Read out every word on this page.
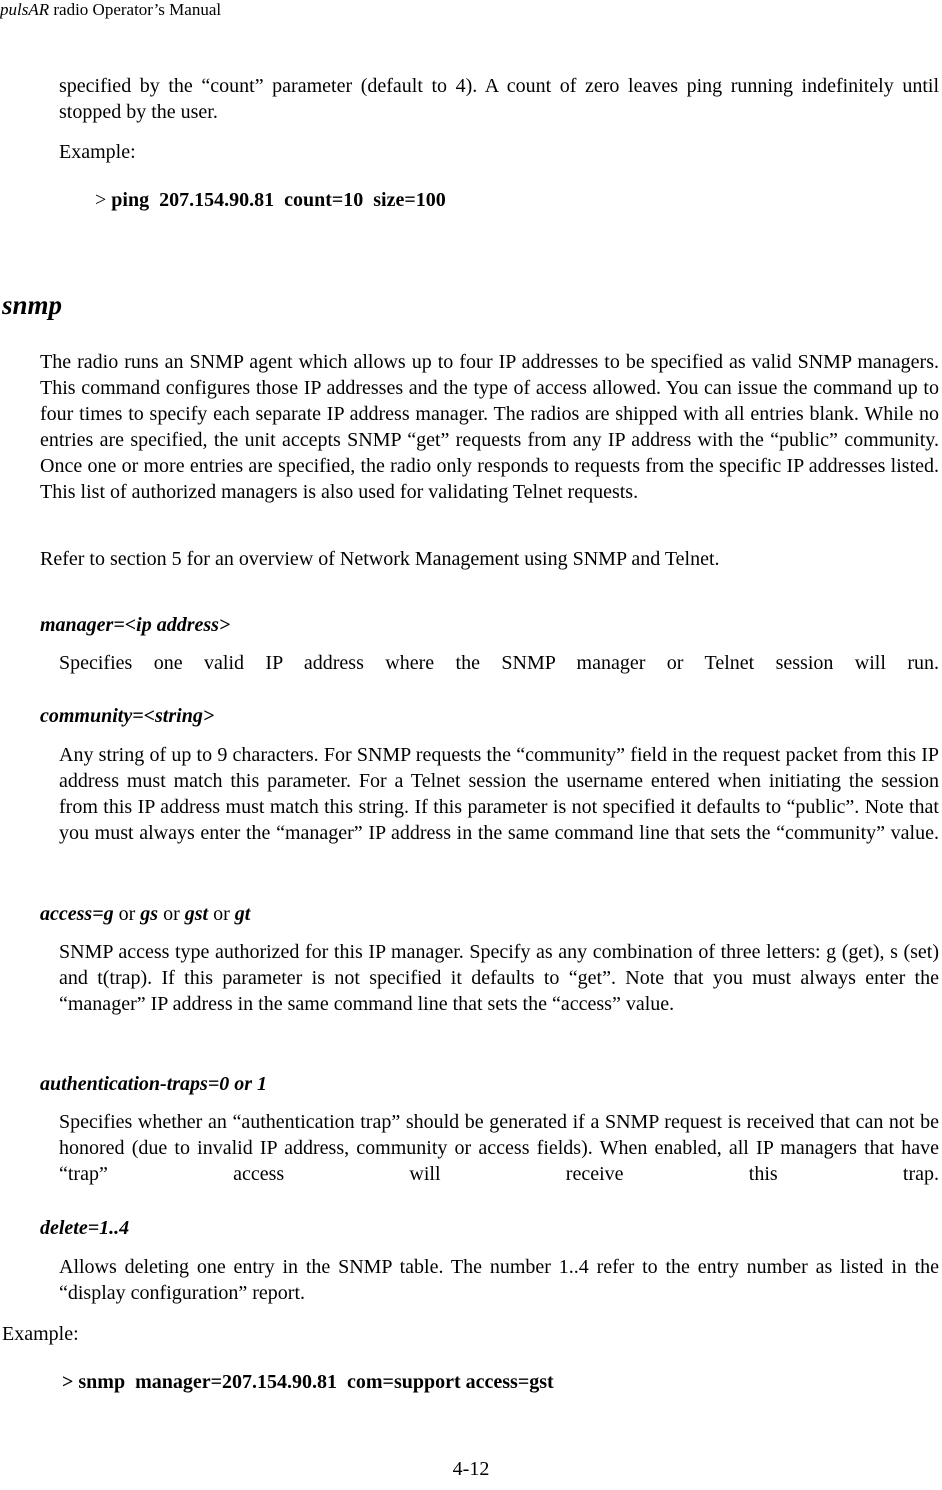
pulsAR radio Operator’s Manual

specified by the “count” parameter (default to 4). A count of zero leaves ping running indefinitely until stopped by the user.

Example:
> ping  207.154.90.81  count=10  size=100
snmp

The radio runs an SNMP agent which allows up to four IP addresses to be specified as valid SNMP managers. This command configures those IP addresses and the type of access allowed. You can issue the command up to four times to specify each separate IP address manager. The radios are shipped with all entries blank. While no entries are specified, the unit accepts SNMP “get” requests from any IP address with the “public” community. Once one or more entries are specified, the radio only responds to requests from the specific IP addresses listed. This list of authorized managers is also used for validating Telnet requests.

Refer to section 5 for an overview of Network Management using SNMP and Telnet.
manager=<ip address>

Specifies one valid IP address where the SNMP manager or Telnet session will run.

community=<string>

Any string of up to 9 characters. For SNMP requests the “community” field in the request packet from this IP address must match this parameter. For a Telnet session the username entered when initiating the session from this IP address must match this string. If this parameter is not specified it defaults to “public”. Note that you must always enter the “manager” IP address in the same command line that sets the “community” value.

access=g or gs or gst or gt

SNMP access type authorized for this IP manager. Specify as any combination of three letters: g (get), s (set) and t(trap). If this parameter is not specified it defaults to “get”. Note that you must always enter the “manager” IP address in the same command line that sets the “access” value.

authentication-traps=0 or 1

Specifies whether an “authentication trap” should be generated if a SNMP request is received that can not be honored (due to invalid IP address, community or access fields). When enabled, all IP managers that have “trap” access will receive this trap.

delete=1..4

Allows deleting one entry in the SNMP table. The number 1..4 refer to the entry number as listed in the “display configuration” report.

Example:
> snmp  manager=207.154.90.81  com=support access=gst
4-12
